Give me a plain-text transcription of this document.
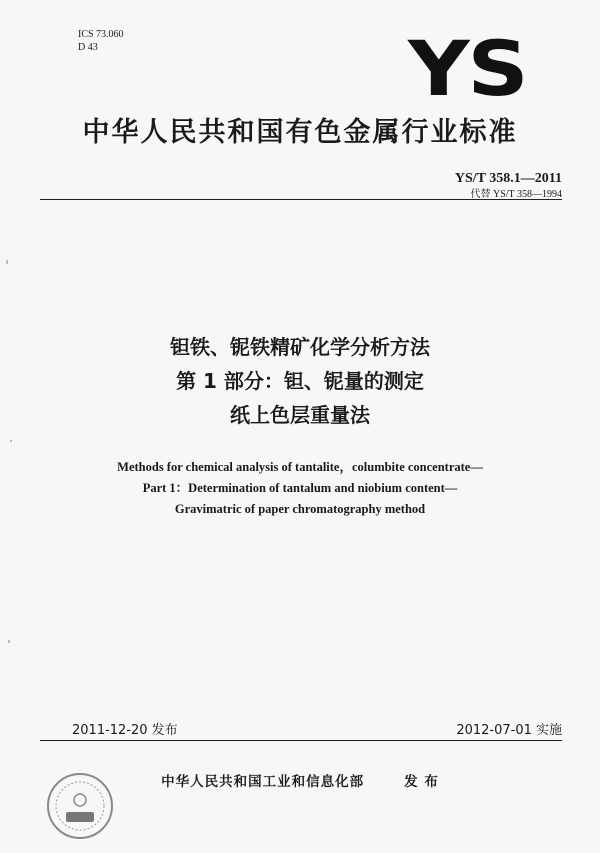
ICS 73.060
D 43	YS
中华人民共和国有色金属行业标准
YS/T 358.1—2011
代替 YS/T 358—1994
钽铁、铌铁精矿化学分析方法
第 1 部分：钽、铌量的测定
纸上色层重量法
Methods for chemical analysis of tantalite，columbite concentrate—
Part 1：Determination of tantalum and niobium content—
Gravimatric of paper chromatography method
2011-12-20 发布	2012-07-01 实施
中华人民共和国工业和信息化部	发 布
